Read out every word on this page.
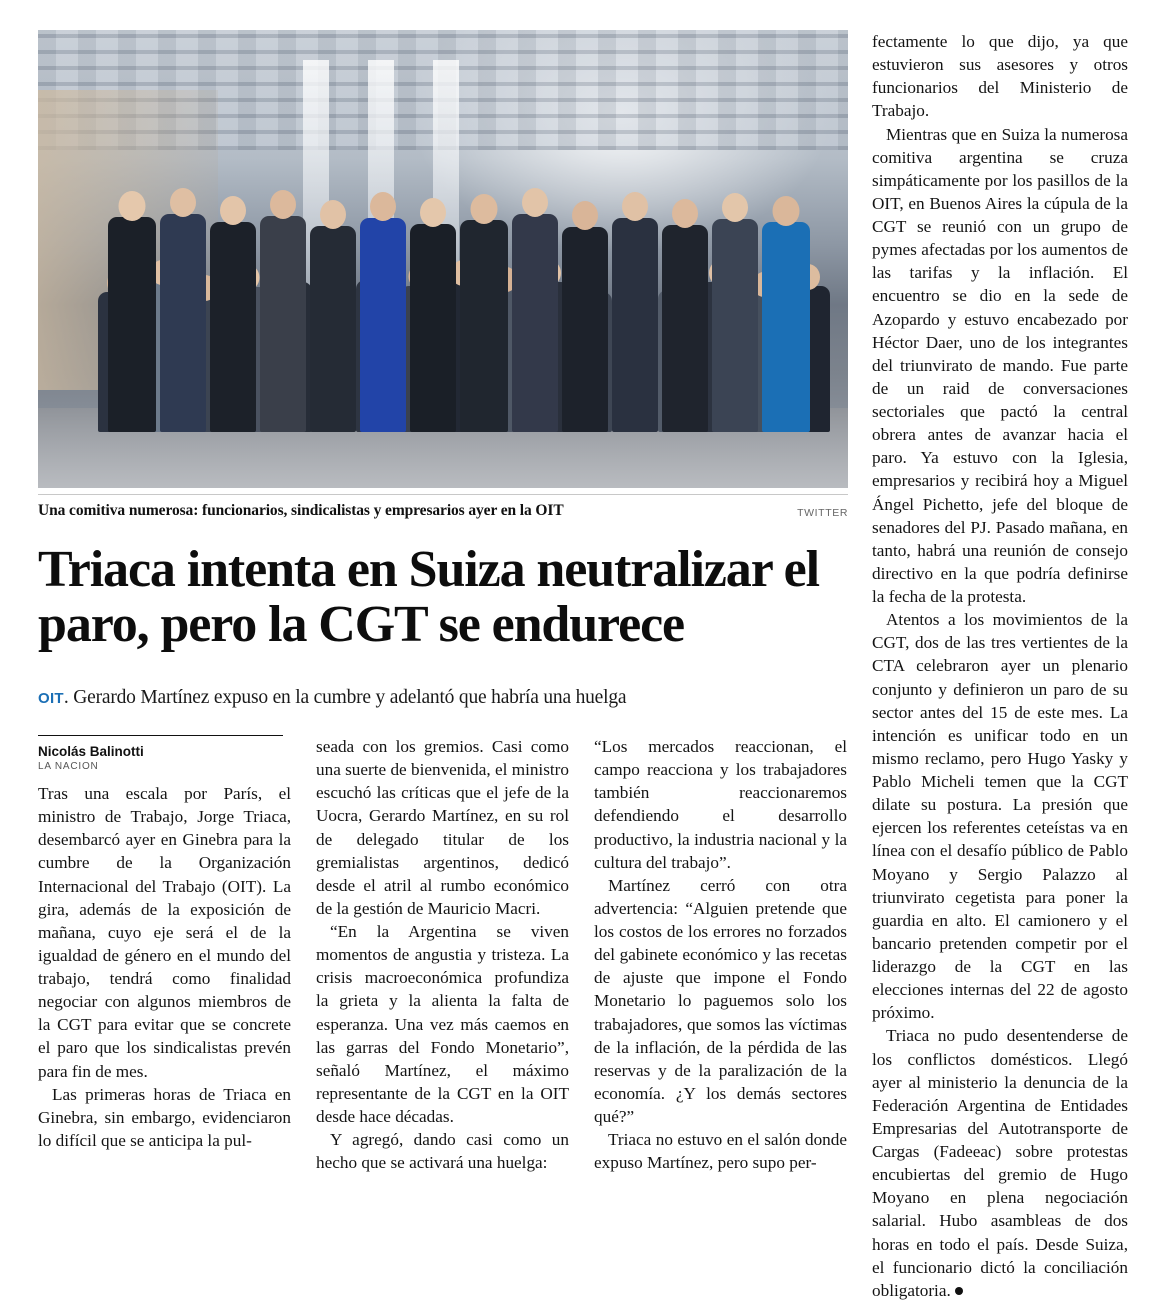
Una comitiva numerosa: funcionarios, sindicalistas y empresarios ayer en la OIT	TWITTER
Triaca intenta en Suiza neutralizar el paro, pero la CGT se endurece
OIT. Gerardo Martínez expuso en la cumbre y adelantó que habría una huelga
Nicolás Balinotti
LA NACION

Tras una escala por París, el ministro de Trabajo, Jorge Triaca, desembarcó ayer en Ginebra para la cumbre de la Organización Internacional del Trabajo (OIT). La gira, además de la exposición de mañana, cuyo eje será el de la igualdad de género en el mundo del trabajo, tendrá como finalidad negociar con algunos miembros de la CGT para evitar que se concrete el paro que los sindicalistas prevén para fin de mes.

Las primeras horas de Triaca en Ginebra, sin embargo, evidenciaron lo difícil que se anticipa la pul-

seada con los gremios. Casi como una suerte de bienvenida, el ministro escuchó las críticas que el jefe de la Uocra, Gerardo Martínez, en su rol de delegado titular de los gremialistas argentinos, dedicó desde el atril al rumbo económico de la gestión de Mauricio Macri.

“En la Argentina se viven momentos de angustia y tristeza. La crisis macroeconómica profundiza la grieta y la alienta la falta de esperanza. Una vez más caemos en las garras del Fondo Monetario”, señaló Martínez, el máximo representante de la CGT en la OIT desde hace décadas.

Y agregó, dando casi como un hecho que se activará una huelga:

“Los mercados reaccionan, el campo reacciona y los trabajadores también reaccionaremos defendiendo el desarrollo productivo, la industria nacional y la cultura del trabajo”.

Martínez cerró con otra advertencia: “Alguien pretende que los costos de los errores no forzados del gabinete económico y las recetas de ajuste que impone el Fondo Monetario lo paguemos solo los trabajadores, que somos las víctimas de la inflación, de la pérdida de las reservas y de la paralización de la economía. ¿Y los demás sectores qué?”

Triaca no estuvo en el salón donde expuso Martínez, pero supo per-

fectamente lo que dijo, ya que estuvieron sus asesores y otros funcionarios del Ministerio de Trabajo.

Mientras que en Suiza la numerosa comitiva argentina se cruza simpáticamente por los pasillos de la OIT, en Buenos Aires la cúpula de la CGT se reunió con un grupo de pymes afectadas por los aumentos de las tarifas y la inflación. El encuentro se dio en la sede de Azopardo y estuvo encabezado por Héctor Daer, uno de los integrantes del triunvirato de mando. Fue parte de un raid de conversaciones sectoriales que pactó la central obrera antes de avanzar hacia el paro. Ya estuvo con la Iglesia, empresarios y recibirá hoy a Miguel Ángel Pichetto, jefe del bloque de senadores del PJ. Pasado mañana, en tanto, habrá una reunión de consejo directivo en la que podría definirse la fecha de la protesta.

Atentos a los movimientos de la CGT, dos de las tres vertientes de la CTA celebraron ayer un plenario conjunto y definieron un paro de su sector antes del 15 de este mes. La intención es unificar todo en un mismo reclamo, pero Hugo Yasky y Pablo Micheli temen que la CGT dilate su postura. La presión que ejercen los referentes ceteístas va en línea con el desafío público de Pablo Moyano y Sergio Palazzo al triunvirato cegetista para poner la guardia en alto. El camionero y el bancario pretenden competir por el liderazgo de la CGT en las elecciones internas del 22 de agosto próximo.

Triaca no pudo desentenderse de los conflictos domésticos. Llegó ayer al ministerio la denuncia de la Federación Argentina de Entidades Empresarias del Autotransporte de Cargas (Fadeeac) sobre protestas encubiertas del gremio de Hugo Moyano en plena negociación salarial. Hubo asambleas de dos horas en todo el país. Desde Suiza, el funcionario dictó la conciliación obligatoria.
